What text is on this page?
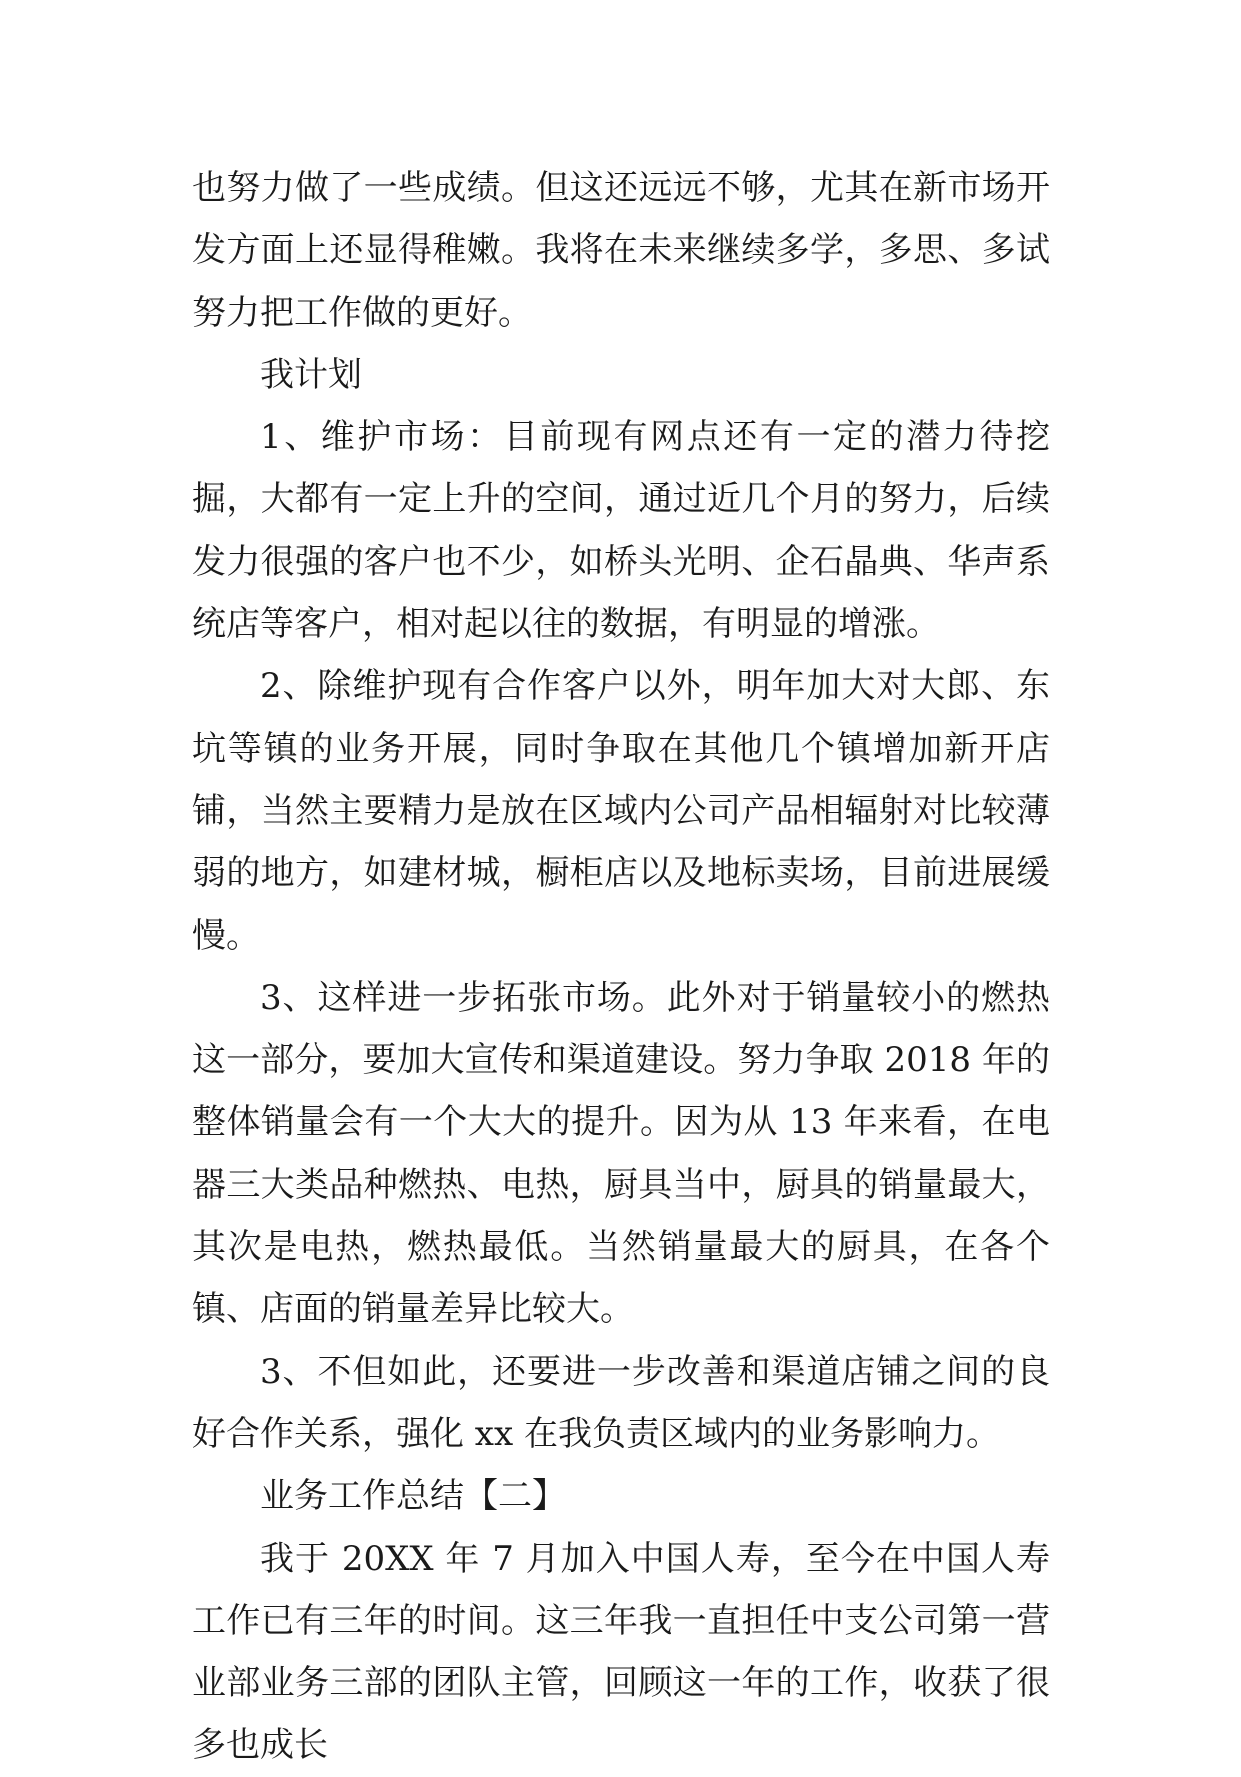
也努力做了一些成绩。但这还远远不够，尤其在新市场开发方面上还显得稚嫩。我将在未来继续多学，多思、多试努力把工作做的更好。

我计划

1、维护市场：目前现有网点还有一定的潜力待挖掘，大都有一定上升的空间，通过近几个月的努力，后续发力很强的客户也不少，如桥头光明、企石晶典、华声系统店等客户，相对起以往的数据，有明显的增涨。

2、除维护现有合作客户以外，明年加大对大郎、东坑等镇的业务开展，同时争取在其他几个镇增加新开店铺，当然主要精力是放在区域内公司产品相辐射对比较薄弱的地方，如建材城，橱柜店以及地标卖场，目前进展缓慢。

3、这样进一步拓张市场。此外对于销量较小的燃热这一部分，要加大宣传和渠道建设。努力争取 2018 年的整体销量会有一个大大的提升。因为从 13 年来看，在电器三大类品种燃热、电热，厨具当中，厨具的销量最大，其次是电热，燃热最低。当然销量最大的厨具，在各个镇、店面的销量差异比较大。

3、不但如此，还要进一步改善和渠道店铺之间的良好合作关系，强化 xx 在我负责区域内的业务影响力。

业务工作总结【二】

我于 20XX 年 7 月加入中国人寿，至今在中国人寿工作已有三年的时间。这三年我一直担任中支公司第一营业部业务三部的团队主管，回顾这一年的工作，收获了很多也成长
